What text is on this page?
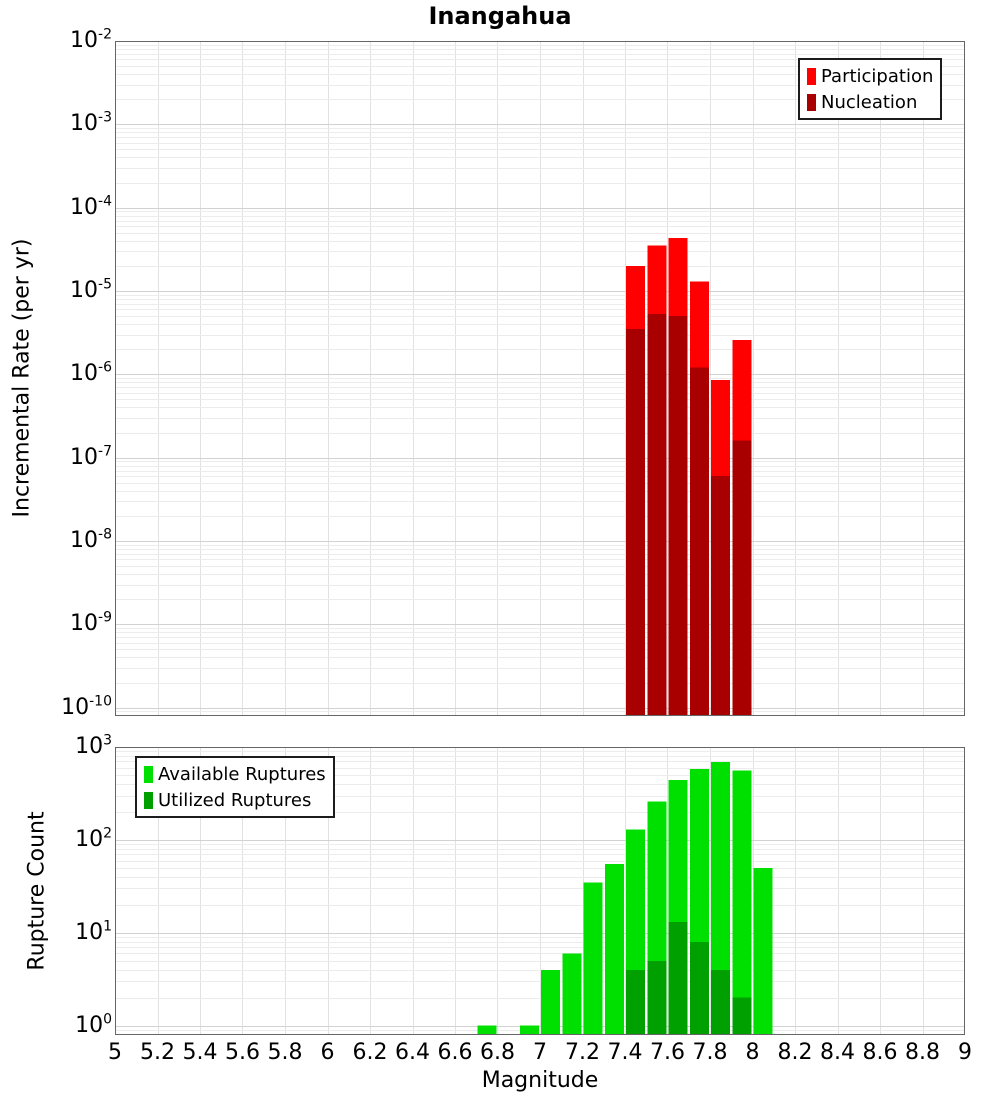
Inangahua
$10^{-2}$
$10^{-3}$
$10^{-4}$
$10^{-5}$
$10^{-6}$
$10^{-7}$
$10^{-8}$
$10^{-9}$
$10^{-10}$
$10^3$
$10^2$
$10^1$
$10^0$
5 5.2 5.4 5.6 5.8 6 6.2 6.4 6.6 6.8 7 7.2 7.4 7.6 7.8 8 8.2 8.4 8.6 8.8 9
Incremental Rate (per yr)
Rupture Count
Magnitude
Participation
Nucleation
Available Ruptures
Utilized Ruptures
